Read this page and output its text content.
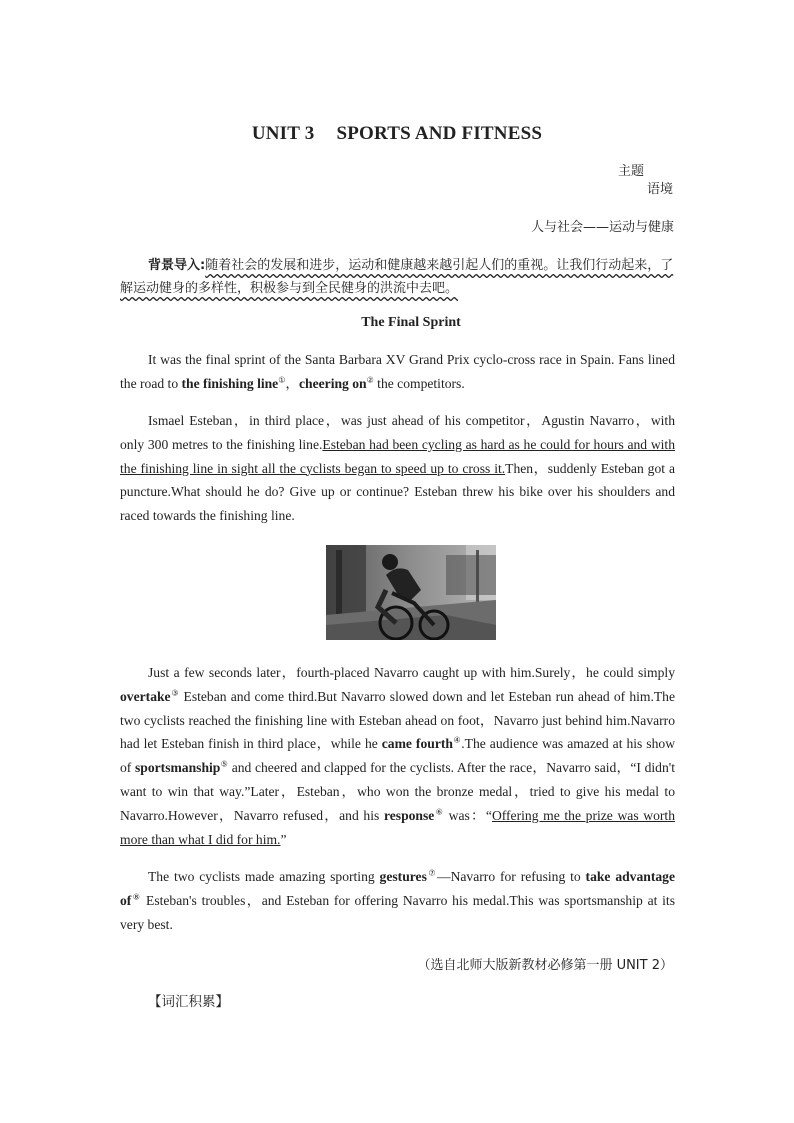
UNIT 3 SPORTS AND FITNESS
主题
语境
人与社会——运动与健康
背景导入:随着社会的发展和进步，运动和健康越来越引起人们的重视。让我们行动起来，了解运动健身的多样性，积极参与到全民健身的洪流中去吧。
The Final Sprint
It was the final sprint of the Santa Barbara XV Grand Prix cyclo-cross race in Spain. Fans lined the road to the finishing line①，cheering on② the competitors.
Ismael Esteban，in third place，was just ahead of his competitor，Agustin Navarro，with only 300 metres to the finishing line.Esteban had been cycling as hard as he could for hours and with the finishing line in sight all the cyclists began to speed up to cross it.Then，suddenly Esteban got a puncture.What should he do? Give up or continue? Esteban threw his bike over his shoulders and raced towards the finishing line.
Just a few seconds later，fourth-placed Navarro caught up with him.Surely，he could simply overtake③ Esteban and come third.But Navarro slowed down and let Esteban run ahead of him.The two cyclists reached the finishing line with Esteban ahead on foot，Navarro just behind him.Navarro had let Esteban finish in third place，while he came fourth④.The audience was amazed at his show of sportsmanship⑤ and cheered and clapped for the cyclists. After the race，Navarro said，“I didn't want to win that way.”Later，Esteban，who won the bronze medal，tried to give his medal to Navarro.However，Navarro refused，and his response⑥ was：“Offering me the prize was worth more than what I did for him.”
The two cyclists made amazing sporting gestures⑦—Navarro for refusing to take advantage of⑧ Esteban's troubles，and Esteban for offering Navarro his medal.This was sportsmanship at its very best.
（选自北师大版新教材必修第一册 UNIT 2）
【词汇积累】
